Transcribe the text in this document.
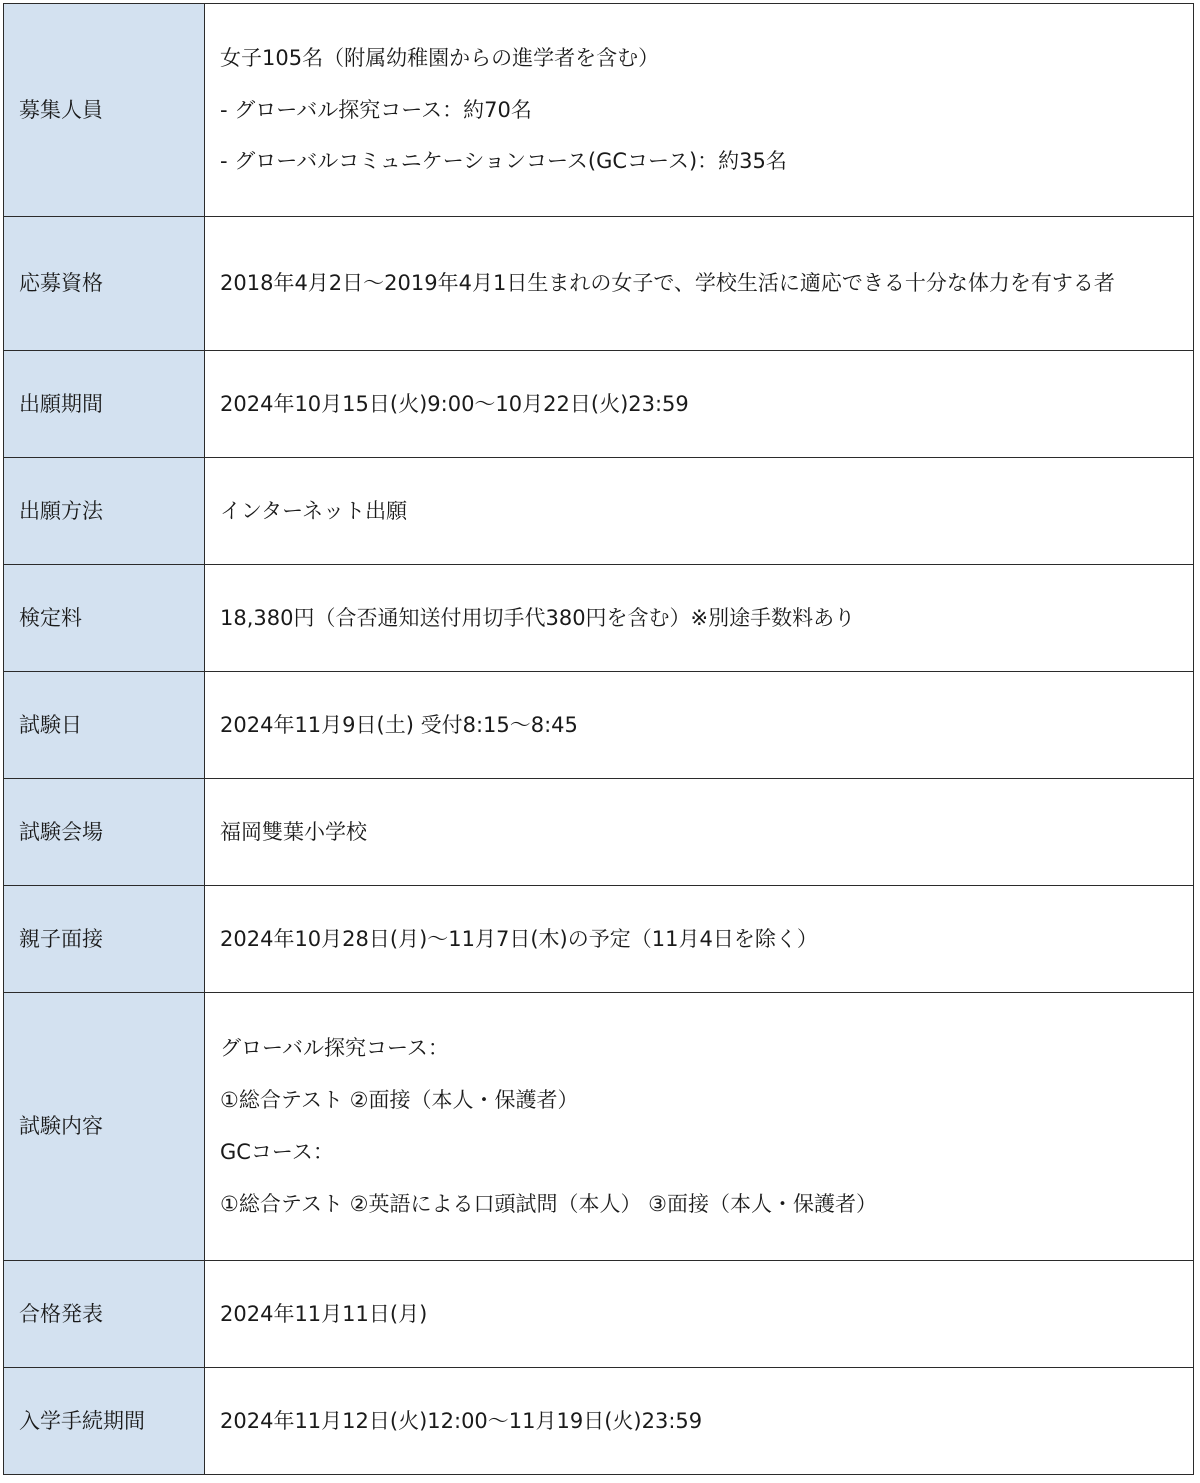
募集人員	女子105名（附属幼稚園からの進学者を含む）
- グローバル探究コース：約70名
- グローバルコミュニケーションコース(GCコース)：約35名

応募資格	2018年4月2日～2019年4月1日生まれの女子で、学校生活に適応できる十分な体力を有する者

出願期間	2024年10月15日(火)9:00～10月22日(火)23:59

出願方法	インターネット出願

検定料	18,380円（合否通知送付用切手代380円を含む）※別途手数料あり

試験日	2024年11月9日(土) 受付8:15～8:45

試験会場	福岡雙葉小学校

親子面接	2024年10月28日(月)～11月7日(木)の予定（11月4日を除く）

試験内容	グローバル探究コース：
①総合テスト ②面接（本人・保護者）
GCコース：
①総合テスト ②英語による口頭試問（本人） ③面接（本人・保護者）

合格発表	2024年11月11日(月)

入学手続期間	2024年11月12日(火)12:00～11月19日(火)23:59
